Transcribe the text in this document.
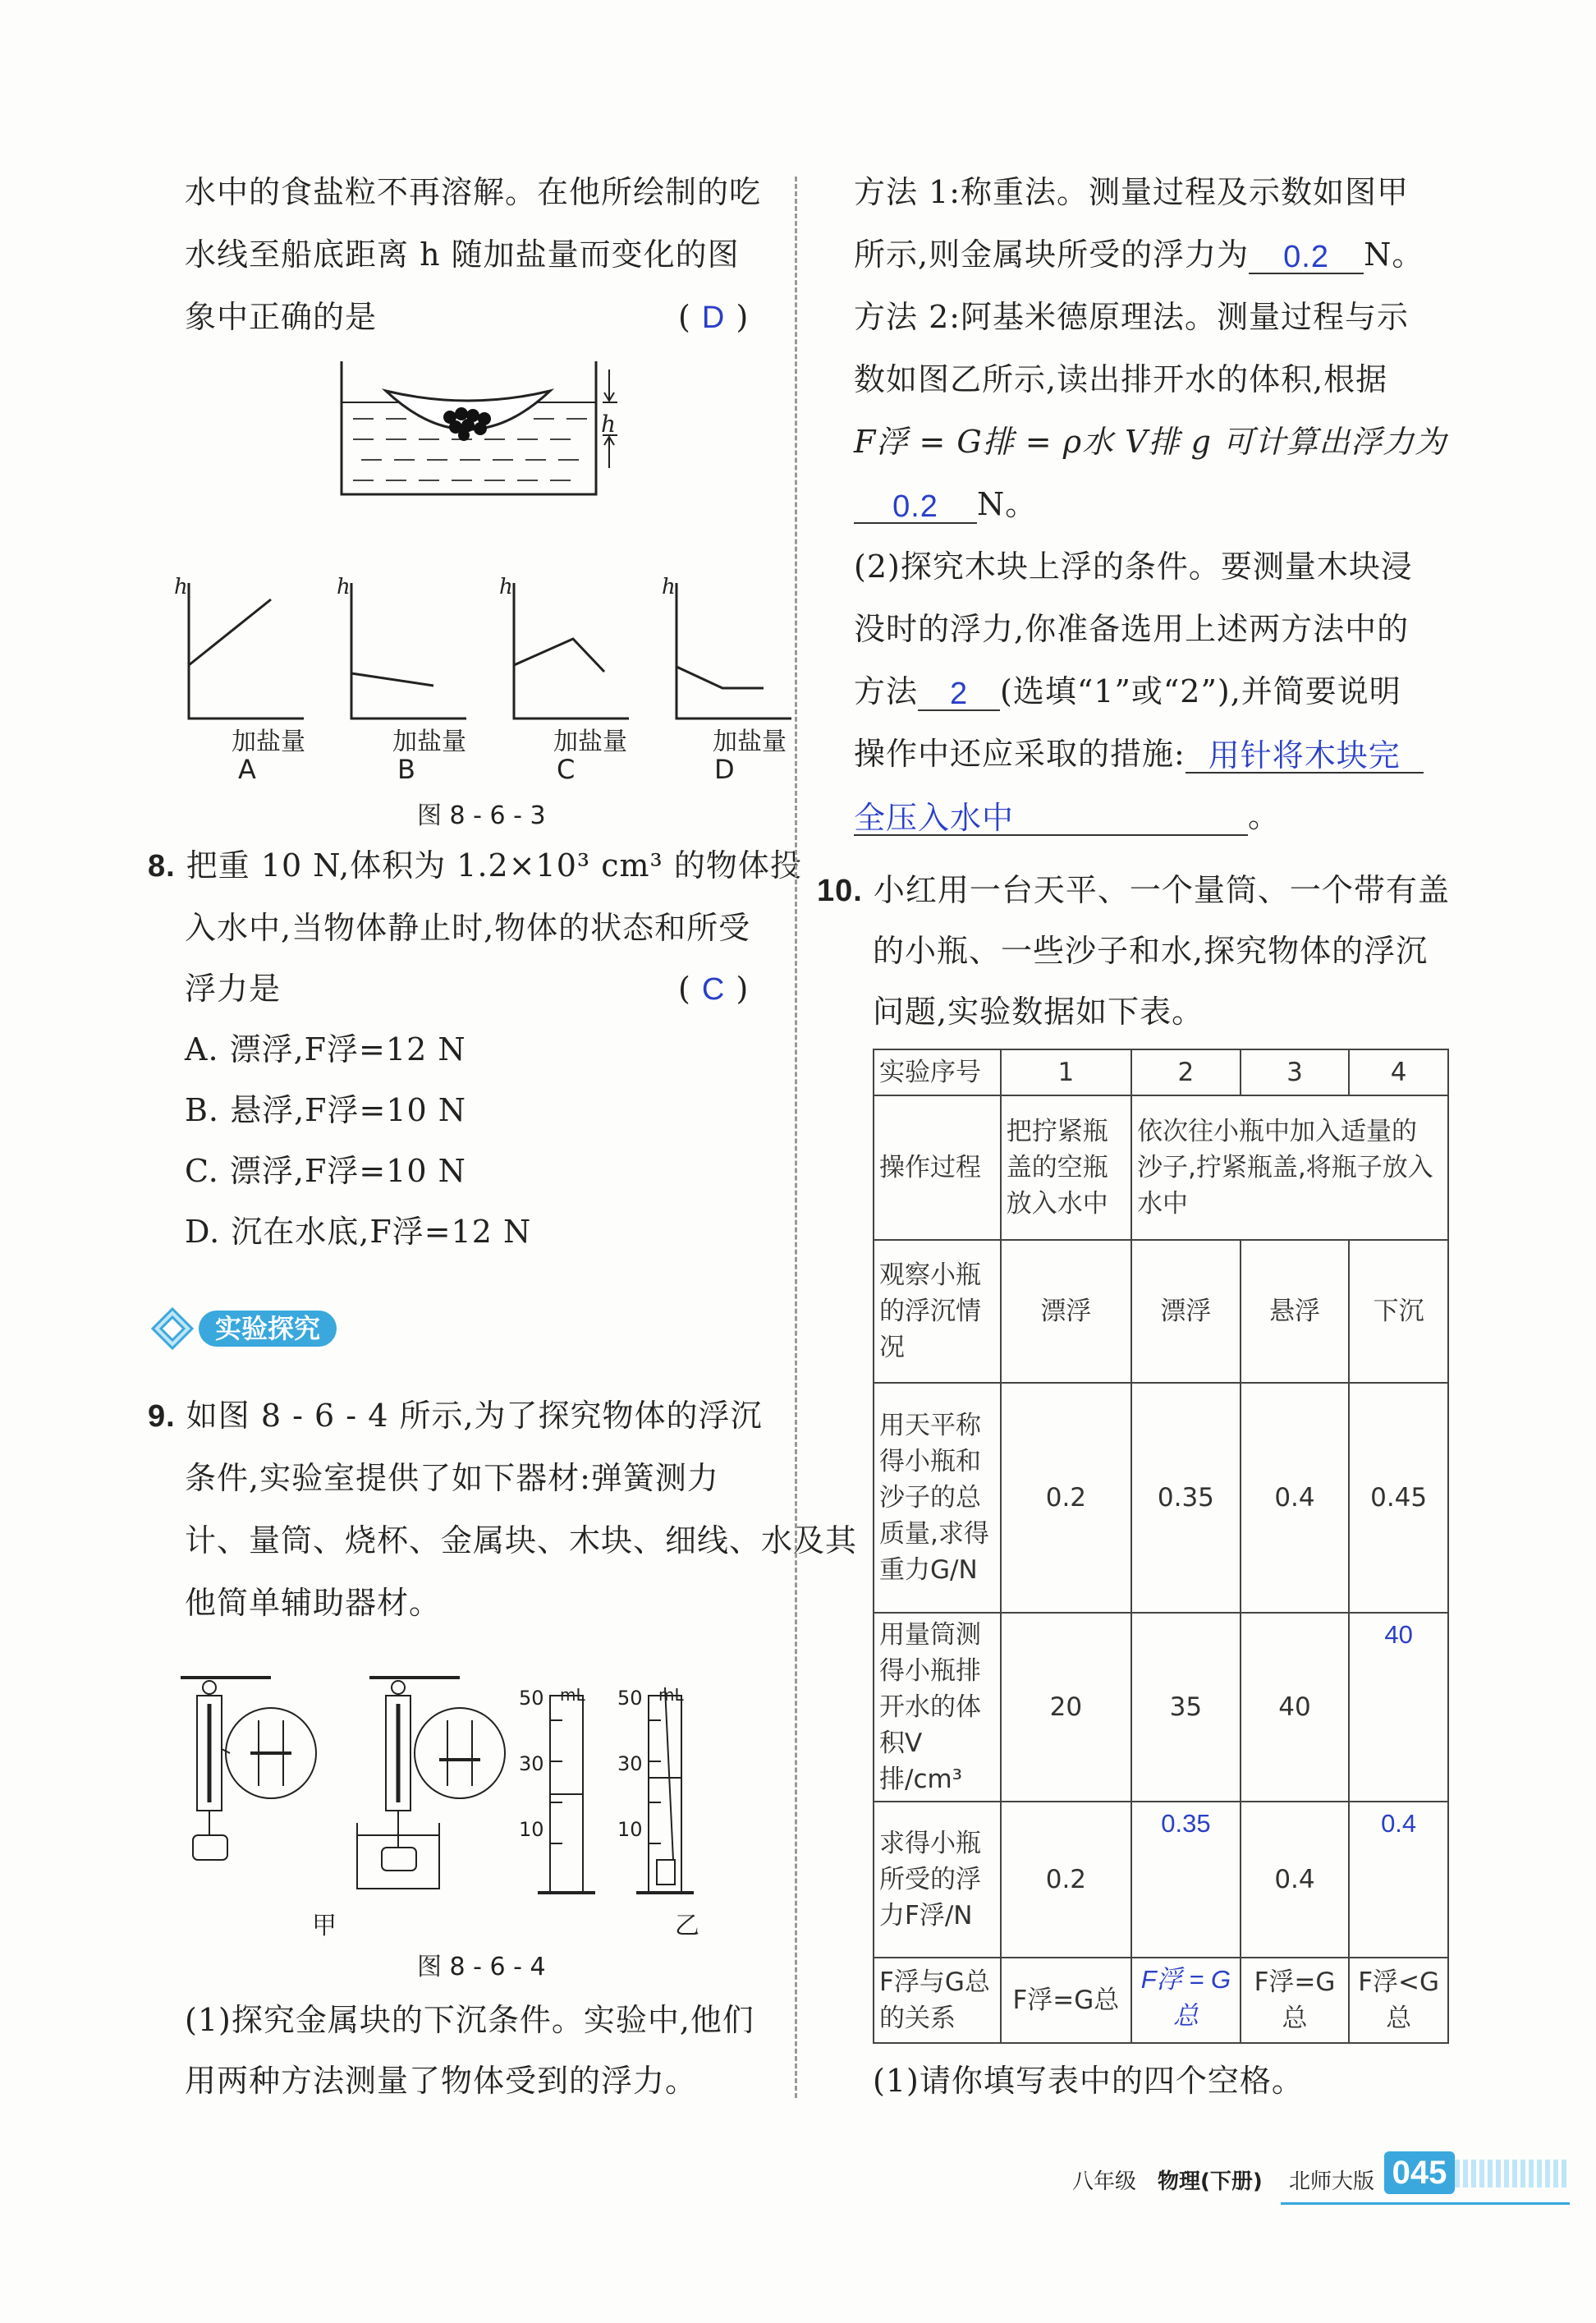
水中的食盐粒不再溶解。在他所绘制的吃
水线至船底距离 h 随加盐量而变化的图
象中正确的是	( D )
h
h	h	h	h
加盐量	加盐量	加盐量	加盐量
A	B	C	D
图 8 - 6 - 3
8. 把重 10 N,体积为 1.2×10³ cm³ 的物体投
入水中,当物体静止时,物体的状态和所受
浮力是	( C )
A. 漂浮,F浮=12 N
B. 悬浮,F浮=10 N
C. 漂浮,F浮=10 N
D. 沉在水底,F浮=12 N
实验探究
9. 如图 8 - 6 - 4 所示,为了探究物体的浮沉
条件,实验室提供了如下器材:弹簧测力
计、量筒、烧杯、金属块、木块、细线、水及其
他简单辅助器材。
50
30
10
mL 50
30
10
mL
甲	乙
图 8 - 6 - 4
(1)探究金属块的下沉条件。实验中,他们
用两种方法测量了物体受到的浮力。
方法 1:称重法。测量过程及示数如图甲
所示,则金属块所受的浮力为 0.2 N。
方法 2:阿基米德原理法。测量过程与示
数如图乙所示,读出排开水的体积,根据
F浮 = G排 = ρ水 V排 g 可计算出浮力为
0.2 N。
(2)探究木块上浮的条件。要测量木块浸
没时的浮力,你准备选用上述两方法中的
方法 2 (选填“1”或“2”),并简要说明
操作中还应采取的措施: 用针将木块完
全压入水中	。
10. 小红用一台天平、一个量筒、一个带有盖
的小瓶、一些沙子和水,探究物体的浮沉
问题,实验数据如下表。
实验序号	1	2	3	4
操作过程	把拧紧瓶盖的空瓶放入水中	依次往小瓶中加入适量的沙子,拧紧瓶盖,将瓶子放入水中		
观察小瓶的浮沉情况	漂浮	漂浮	悬浮	下沉
用天平称得小瓶和沙子的总质量,求得重力G/N	0.2	0.35	0.4	0.45
用量筒测得小瓶排开水的体积V排/cm³	20	35	40	40
求得小瓶所受的浮力F浮/N	0.2	0.35	0.4	0.4
F浮与G总的关系	F浮=G总	F浮 = G总	F浮=G总	F浮<G总
(1)请你填写表中的四个空格。
八年级 物理(下册) 北师大版 045
